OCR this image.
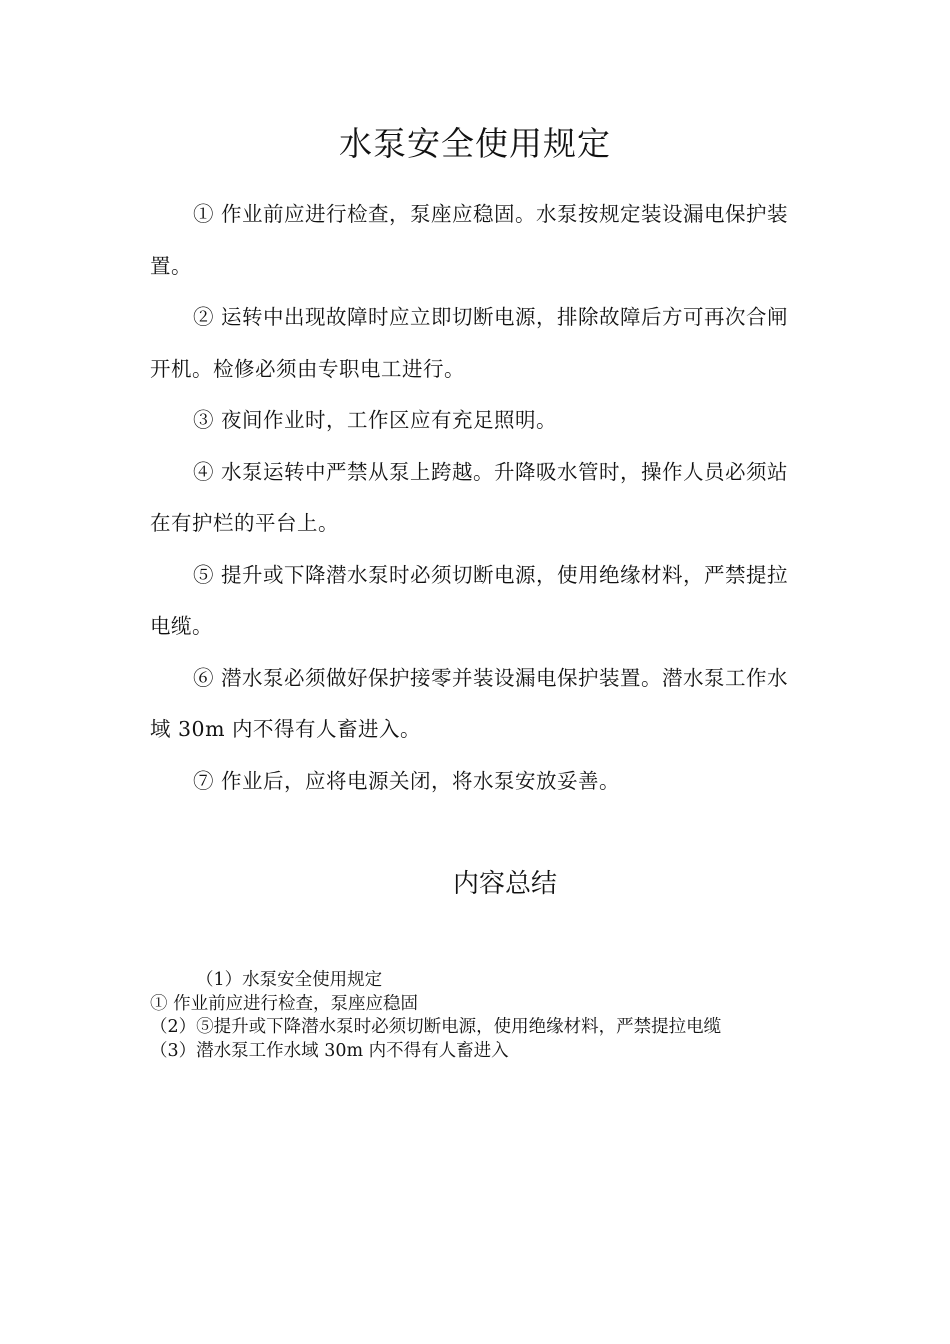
水泵安全使用规定

① 作业前应进行检查，泵座应稳固。水泵按规定装设漏电保护装置。

② 运转中出现故障时应立即切断电源，排除故障后方可再次合闸开机。检修必须由专职电工进行。

③ 夜间作业时，工作区应有充足照明。

④ 水泵运转中严禁从泵上跨越。升降吸水管时，操作人员必须站在有护栏的平台上。

⑤ 提升或下降潜水泵时必须切断电源，使用绝缘材料，严禁提拉电缆。

⑥ 潜水泵必须做好保护接零并装设漏电保护装置。潜水泵工作水域 30m 内不得有人畜进入。

⑦ 作业后，应将电源关闭，将水泵安放妥善。

内容总结

（1）水泵安全使用规定

① 作业前应进行检查，泵座应稳固

（2）⑤提升或下降潜水泵时必须切断电源，使用绝缘材料，严禁提拉电缆

（3）潜水泵工作水域 30m 内不得有人畜进入
